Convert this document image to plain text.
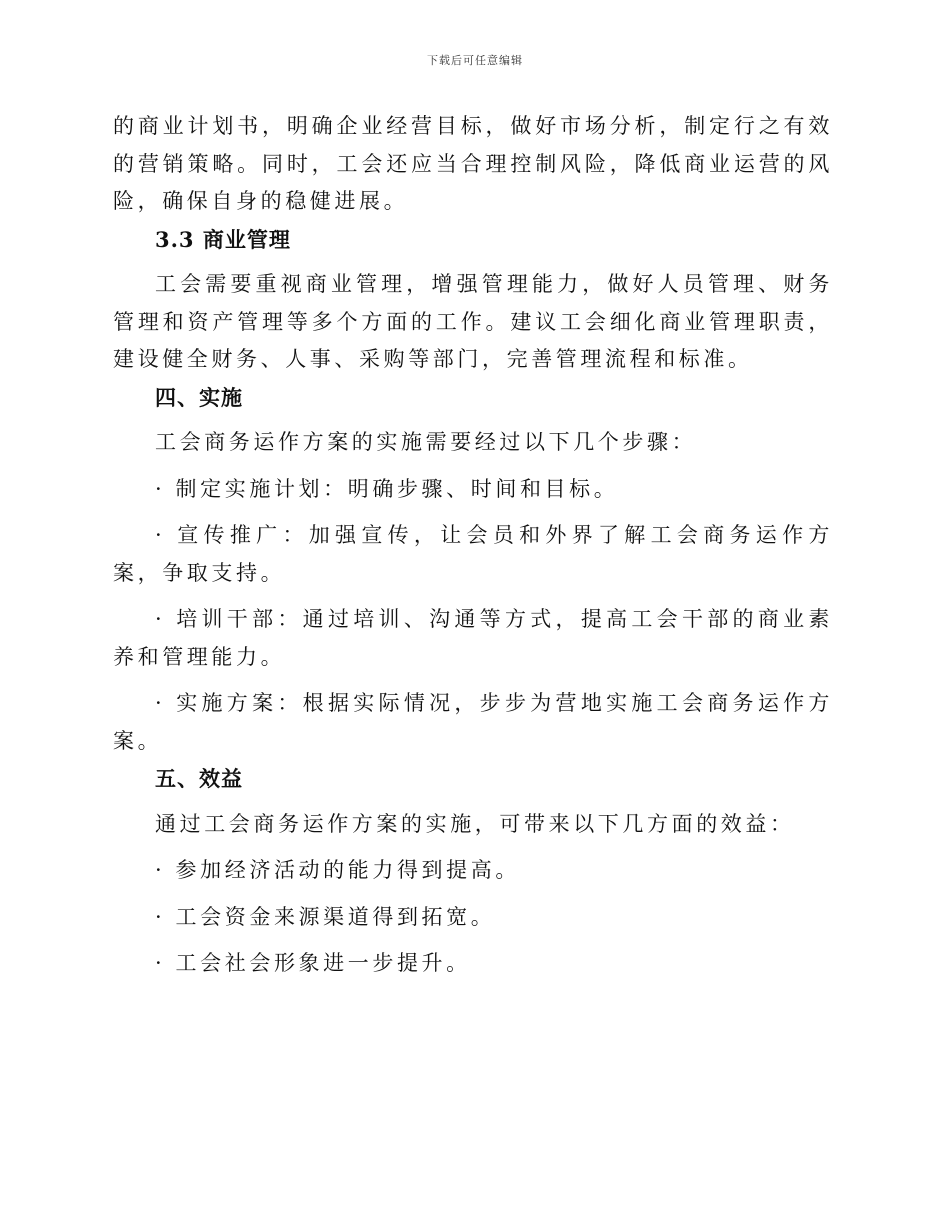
下载后可任意编辑

的商业计划书，明确企业经营目标，做好市场分析，制定行之有效的营销策略。同时，工会还应当合理控制风险，降低商业运营的风险，确保自身的稳健进展。

3.3 商业管理

工会需要重视商业管理，增强管理能力，做好人员管理、财务管理和资产管理等多个方面的工作。建议工会细化商业管理职责，建设健全财务、人事、采购等部门，完善管理流程和标准。

四、实施

工会商务运作方案的实施需要经过以下几个步骤：

· 制定实施计划：明确步骤、时间和目标。

· 宣传推广：加强宣传，让会员和外界了解工会商务运作方案，争取支持。

· 培训干部：通过培训、沟通等方式，提高工会干部的商业素养和管理能力。

· 实施方案：根据实际情况，步步为营地实施工会商务运作方案。

五、效益

通过工会商务运作方案的实施，可带来以下几方面的效益：

· 参加经济活动的能力得到提高。

· 工会资金来源渠道得到拓宽。

· 工会社会形象进一步提升。
